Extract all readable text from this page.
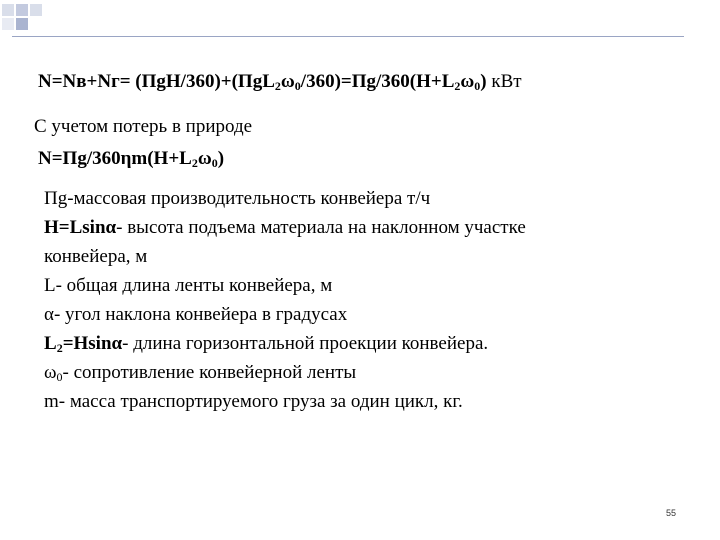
$N=Nв+Nг= (ПgH/360)+(ПgL_2\omega_0/360)=Пg/360(H+L_2\omega_0)$ кВт
С учетом потерь в природе
$N=Пg/360\eta m(H+L_2\omega_0)$
Пg-массовая производительность конвейера т/ч
H=Lsinα- высота подъема материала на наклонном участке
конвейера, м
L- общая длина ленты конвейера, м
α- угол наклона конвейера в градусах
$L_2=Hsin\alpha-$ длина горизонтальной проекции конвейера.
$\omega_0-$ сопротивление конвейерной ленты
m- масса транспортируемого груза за один цикл, кг.
55
